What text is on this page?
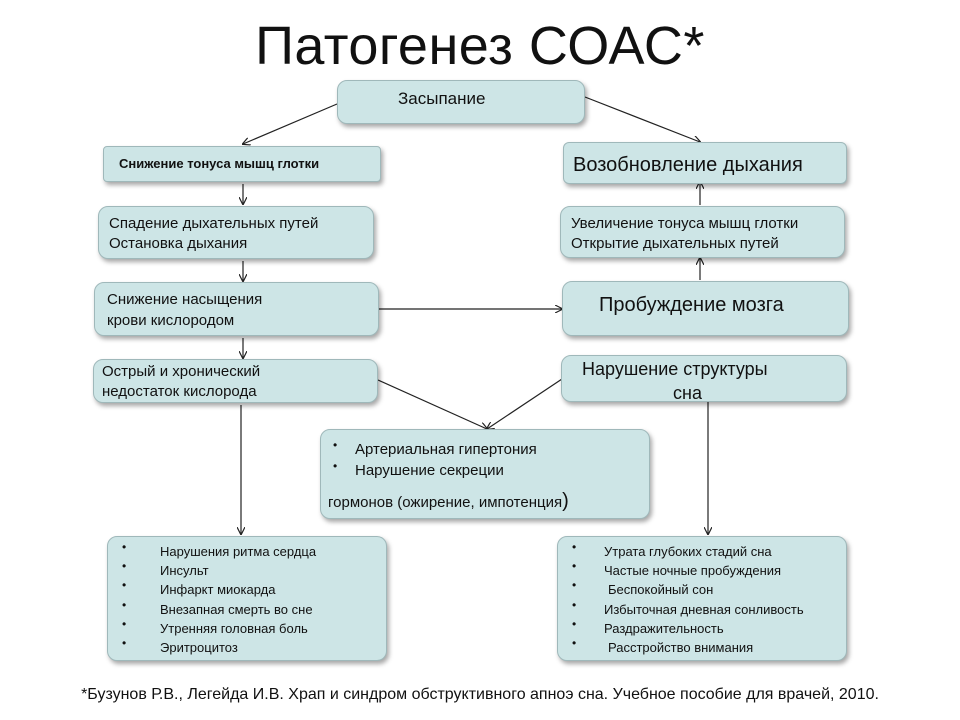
Патогенез СОАС*
Засыпание
Снижение тонуса мышц глотки
Спадение дыхательных путей
Остановка дыхания
Снижение насыщения
крови кислородом
Острый и хронический
недостаток кислорода
Возобновление дыхания
Увеличение тонуса мышц глотки
Открытие дыхательных путей
Пробуждение мозга
Нарушение структуры
сна
• Артериальная гипертония
• Нарушение секреции
гормонов (ожирение, импотенция)
• Нарушения ритма сердца
• Инсульт
• Инфаркт миокарда
• Внезапная смерть во сне
• Утренняя головная боль
• Эритроцитоз
• Утрата глубоких стадий сна
• Частые ночные пробуждения
• Беспокойный сон
• Избыточная дневная сонливость
• Раздражительность
• Расстройство внимания
*Бузунов Р.В., Легейда И.В. Храп и синдром обструктивного апноэ сна. Учебное пособие для врачей, 2010.
